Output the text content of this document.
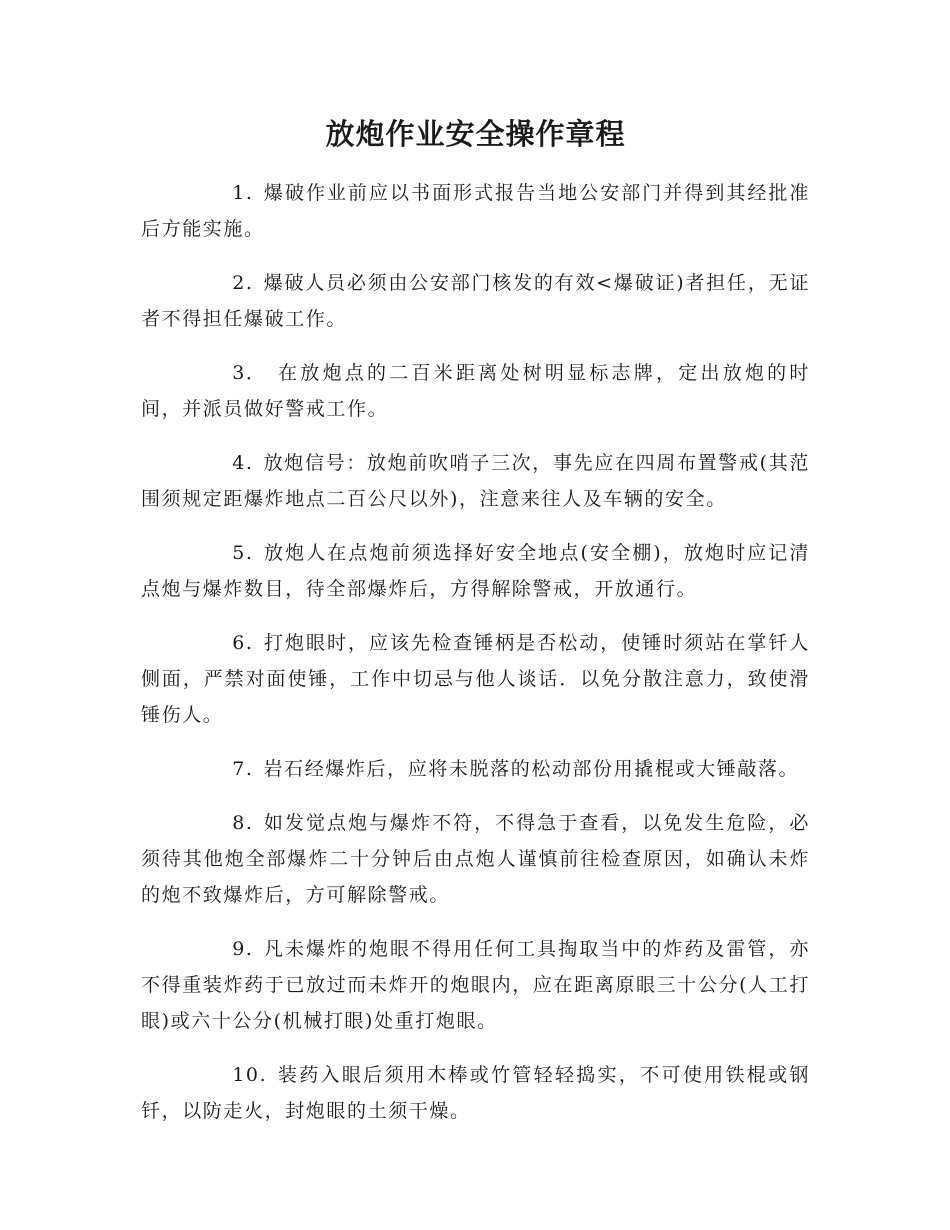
放炮作业安全操作章程

1. 爆破作业前应以书面形式报告当地公安部门并得到其经批准后方能实施。

2. 爆破人员必须由公安部门核发的有效<爆破证)者担任，无证者不得担任爆破工作。

3． 在放炮点的二百米距离处树明显标志牌，定出放炮的时间，并派员做好警戒工作。

4. 放炮信号：放炮前吹哨子三次，事先应在四周布置警戒(其范围须规定距爆炸地点二百公尺以外)，注意来往人及车辆的安全。

5. 放炮人在点炮前须选择好安全地点(安全棚)，放炮时应记清点炮与爆炸数目，待全部爆炸后，方得解除警戒，开放通行。

6. 打炮眼时，应该先检查锤柄是否松动，使锤时须站在掌钎人侧面，严禁对面使锤，工作中切忌与他人谈话．以免分散注意力，致使滑锤伤人。

7. 岩石经爆炸后，应将未脱落的松动部份用撬棍或大锤敲落。

8. 如发觉点炮与爆炸不符，不得急于查看，以免发生危险，必须待其他炮全部爆炸二十分钟后由点炮人谨慎前往检查原因，如确认未炸的炮不致爆炸后，方可解除警戒。

9. 凡未爆炸的炮眼不得用任何工具掏取当中的炸药及雷管，亦不得重装炸药于已放过而未炸开的炮眼内，应在距离原眼三十公分(人工打眼)或六十公分(机械打眼)处重打炮眼。

10. 装药入眼后须用木棒或竹管轻轻捣实，不可使用铁棍或钢钎，以防走火，封炮眼的土须干燥。
